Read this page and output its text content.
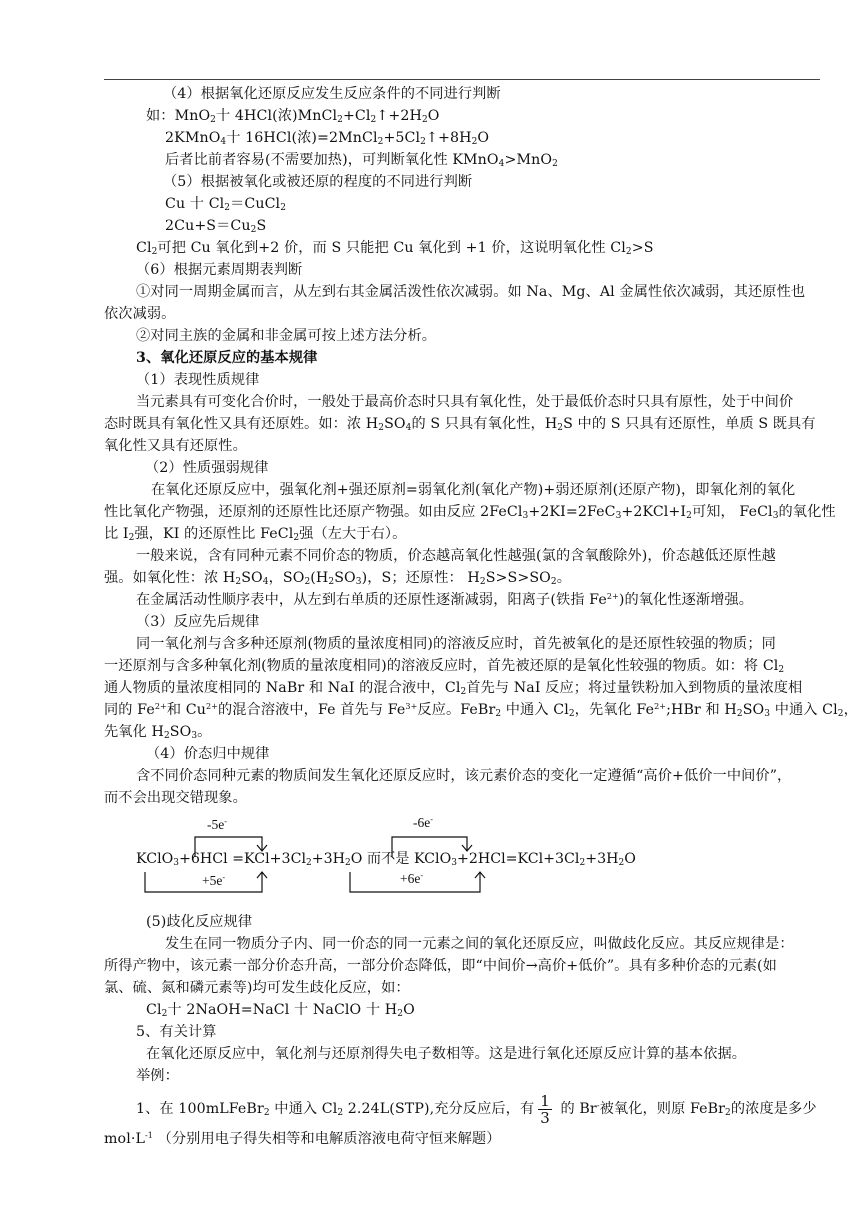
（4）根据氧化还原反应发生反应条件的不同进行判断
如：MnO$_2$十 4HCl(浓)$MnCl_2+Cl_2↑+2H_2O$
2KMnO$_4$十 16HCl(浓)$=2MnCl_2+5Cl_2↑+8H_2O$
后者比前者容易(不需要加热)，可判断氧化性 KMnO$_4$>MnO$_2$
（5）根据被氧化或被还原的程度的不同进行判断
Cu 十 $Cl_2=CuCl_2$
$2Cu+S=Cu_2S$
$Cl_2$可把 Cu 氧化到+2 价，而 S 只能把 Cu 氧化到 +1 价，这说明氧化性 $Cl_2>S$
（6）根据元素周期表判断
①对同一周期金属而言，从左到右其金属活泼性依次减弱。如 Na、Mg、Al 金属性依次减弱，其还原性也
依次减弱。
②对同主族的金属和非金属可按上述方法分析。
3、氧化还原反应的基本规律
（1）表现性质规律
当元素具有可变化合价时，一般处于最高价态时只具有氧化性，处于最低价态时只具有原性，处于中间价
态时既具有氧化性又具有还原姓。如：浓 $H_2SO_4$的 S 只具有氧化性，$H_2S$ 中的 S 只具有还原性，单质 S 既具有
氧化性又具有还原性。
（2）性质强弱规律
在氧化还原反应中，强氧化剂+强还原剂=弱氧化剂(氧化产物)+弱还原剂(还原产物)，即氧化剂的氧化
性比氧化产物强，还原剂的还原性比还原产物强。如由反应 $2FeCl_3+2KI=2FeC_3+2KCl+I_2$可知， FeCl$_3$的氧化性
比 $I_2$强，KI 的还原性比 FeCl$_2$强（左大于右）。
一般来说，含有同种元素不同价态的物质，价态越高氧化性越强(氯的含氧酸除外)，价态越低还原性越
强。如氧化性：浓 $H_2SO_4$，$SO_2(H_2SO_3)$，S；还原性： $H_2S>S>SO_2$。
在金属活动性顺序表中，从左到右单质的还原性逐渐减弱，阳离子(铁指 $Fe^{2+}$)的氧化性逐渐增强。
（3）反应先后规律
同一氧化剂与含多种还原剂(物质的量浓度相同)的溶液反应时，首先被氧化的是还原性较强的物质；同
一还原剂与含多种氧化剂(物质的量浓度相同)的溶液反应时，首先被还原的是氧化性较强的物质。如：将 $Cl_2$
通人物质的量浓度相同的 NaBr 和 NaI 的混合液中，$Cl_2$首先与 NaI 反应；将过量铁粉加入到物质的量浓度相
同的 $Fe^{2+}$和 $Cu^{2+}$的混合溶液中，Fe 首先与 $Fe^{3+}$反应。FeBr$_2$ 中通入 $Cl_2$，先氧化 $Fe^{2+};HBr$ 和 $H_2SO_3$ 中通入 $Cl_2$，
先氧化 $H_2SO_3$。
（4）价态归中规律
含不同价态同种元素的物质间发生氧化还原反应时，该元素价态的变化一定遵循“高价+低价一中间价”，
而不会出现交错现象。
-5e-	-6e-
+5e-	+6e-
KClO$_3$+6HCl $=KCl+3Cl_2+3H_2O$ 而不是 $KClO_3+2HCl=KCl+3Cl_2+3H_2O$
(5)歧化反应规律
发生在同一物质分子内、同一价态的同一元素之间的氧化还原反应，叫做歧化反应。其反应规律是：
所得产物中，该元素一部分价态升高，一部分价态降低，即“中间价→高价+低价”。具有多种价态的元素(如
氯、硫、氮和磷元素等)均可发生歧化反应，如：
$Cl_2$十 2NaOH=NaCl 十 NaClO 十 $H_2O$
5、有关计算
在氧化还原反应中，氧化剂与还原剂得失电子数相等。这是进行氧化还原反应计算的基本依据。
举例：
1、在 100mLFeBr$_2$ 中通入 $Cl_2$ 2.24L(STP),充分反应后，有 $\frac{1}{3}$ 的 Br-被氧化，则原 FeBr$_2$的浓度是多少
$mol\cdot L^{-1}$ （分别用电子得失相等和电解质溶液电荷守恒来解题）
